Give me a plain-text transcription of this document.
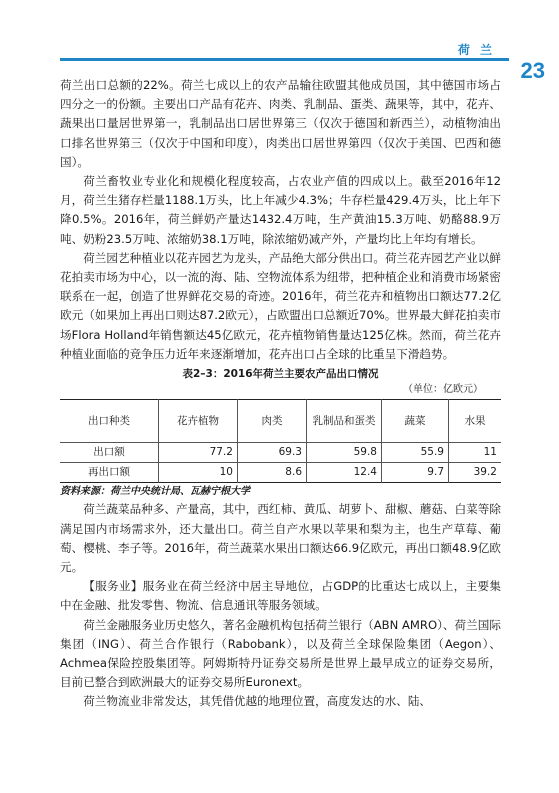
荷 兰
23

荷兰出口总额的22%。荷兰七成以上的农产品输往欧盟其他成员国，其中德国市场占四分之一的份额。主要出口产品有花卉、肉类、乳制品、蛋类、蔬果等，其中，花卉、蔬果出口量居世界第一，乳制品出口居世界第三（仅次于德国和新西兰），动植物油出口排名世界第三（仅次于中国和印度），肉类出口居世界第四（仅次于美国、巴西和德国）。

荷兰畜牧业专业化和规模化程度较高，占农业产值的四成以上。截至2016年12月，荷兰生猪存栏量1188.1万头，比上年减少4.3%；牛存栏量429.4万头，比上年下降0.5%。2016年，荷兰鲜奶产量达1432.4万吨，生产黄油15.3万吨、奶酪88.9万吨、奶粉23.5万吨、浓缩奶38.1万吨，除浓缩奶减产外，产量均比上年均有增长。

荷兰园艺种植业以花卉园艺为龙头，产品绝大部分供出口。荷兰花卉园艺产业以鲜花拍卖市场为中心，以一流的海、陆、空物流体系为纽带，把种植企业和消费市场紧密联系在一起，创造了世界鲜花交易的奇迹。2016年，荷兰花卉和植物出口额达77.2亿欧元（如果加上再出口则达87.2欧元），占欧盟出口总额近70%。世界最大鲜花拍卖市场Flora Holland年销售额达45亿欧元，花卉植物销售量达125亿株。然而，荷兰花卉种植业面临的竞争压力近年来逐渐增加，花卉出口占全球的比重呈下滑趋势。

表2–3：2016年荷兰主要农产品出口情况
（单位：亿欧元）
出口种类	花卉植物	肉类	乳制品和蛋类	蔬菜	水果
出口额	77.2	69.3	59.8	55.9	11
再出口额	10	8.6	12.4	9.7	39.2
资料来源：荷兰中央统计局、瓦赫宁根大学

荷兰蔬菜品种多、产量高，其中，西红柿、黄瓜、胡萝卜、甜椒、蘑菇、白菜等除满足国内市场需求外，还大量出口。荷兰自产水果以苹果和梨为主，也生产草莓、葡萄、樱桃、李子等。2016年，荷兰蔬菜水果出口额达66.9亿欧元，再出口额48.9亿欧元。

【服务业】服务业在荷兰经济中居主导地位，占GDP的比重达七成以上，主要集中在金融、批发零售、物流、信息通讯等服务领域。

荷兰金融服务业历史悠久，著名金融机构包括荷兰银行（ABN AMRO）、荷兰国际集团（ING）、荷兰合作银行（Rabobank），以及荷兰全球保险集团（Aegon）、Achmea保险控股集团等。阿姆斯特丹证券交易所是世界上最早成立的证券交易所，目前已整合到欧洲最大的证券交易所Euronext。

荷兰物流业非常发达，其凭借优越的地理位置，高度发达的水、陆、
